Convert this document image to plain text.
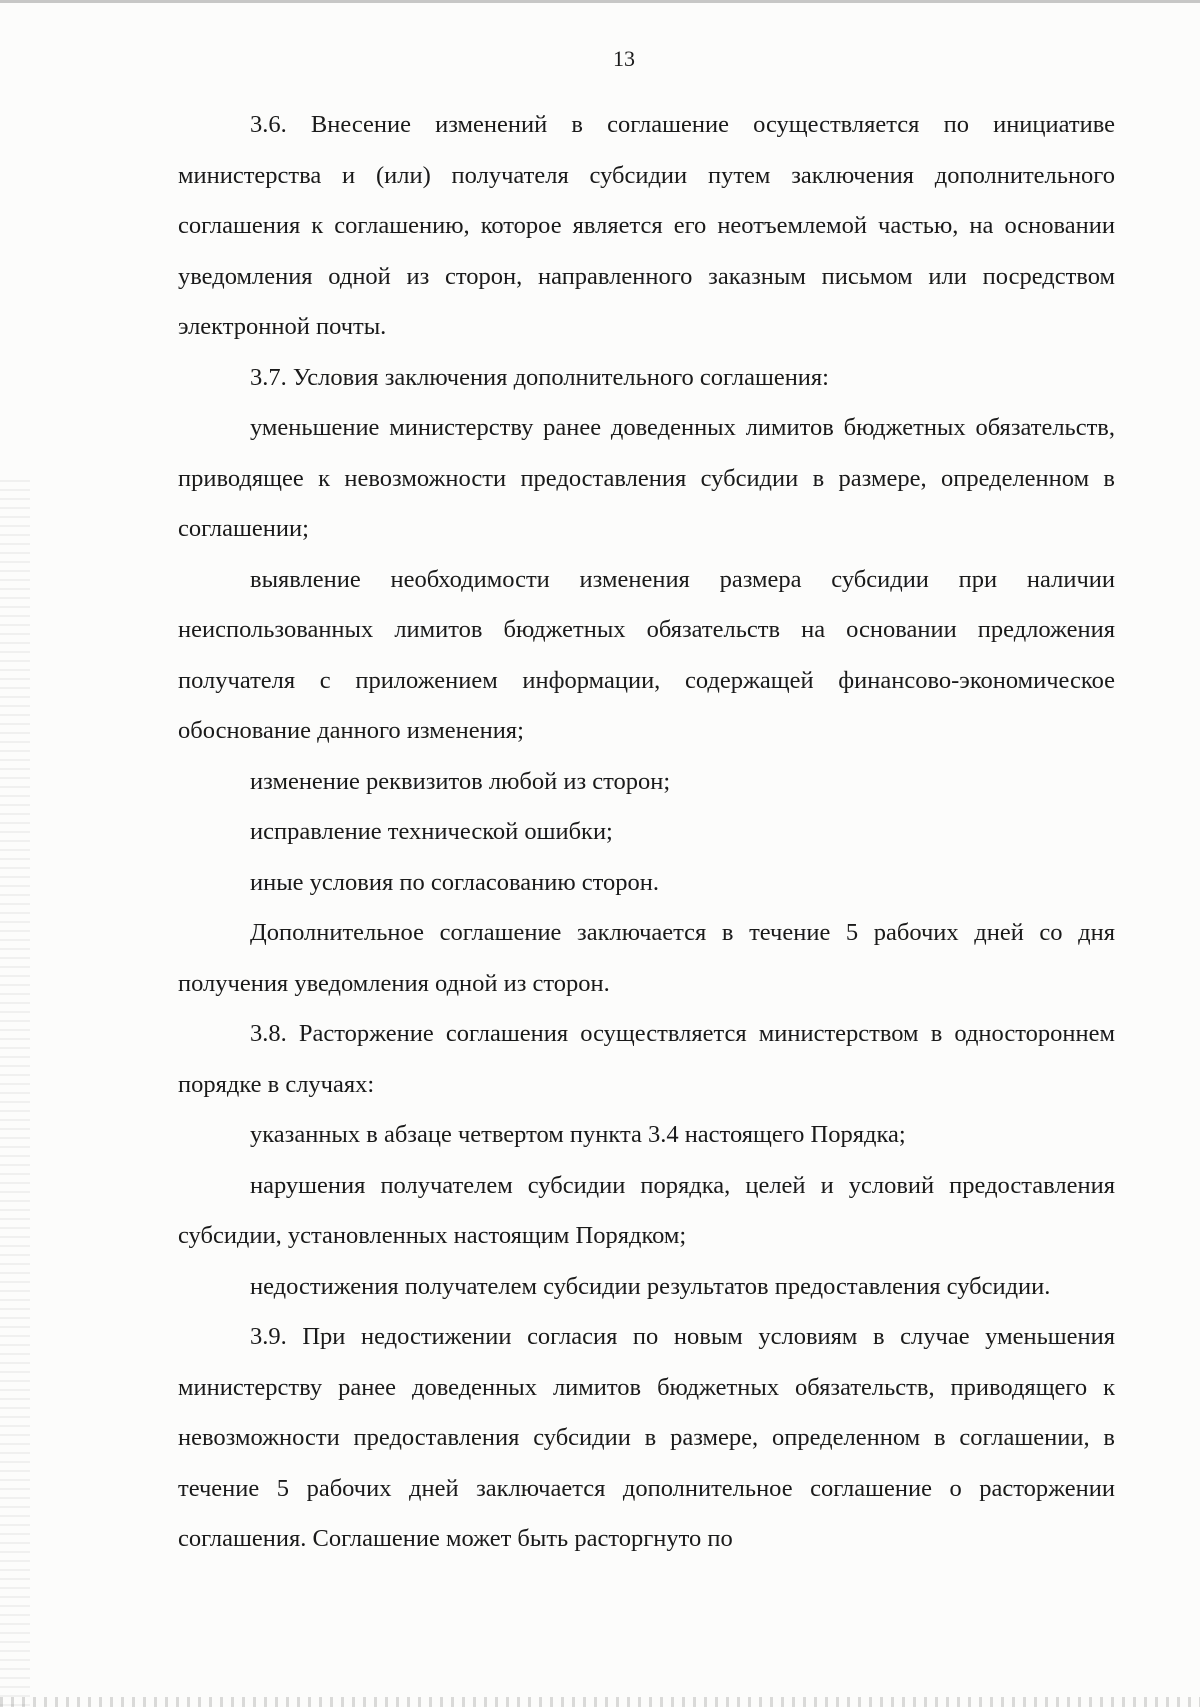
13

3.6. Внесение изменений в соглашение осуществляется по инициативе министерства и (или) получателя субсидии путем заключения дополнительного соглашения к соглашению, которое является его неотъемлемой частью, на основании уведомления одной из сторон, направленного заказным письмом или посредством электронной почты.

3.7. Условия заключения дополнительного соглашения:

уменьшение министерству ранее доведенных лимитов бюджетных обязательств, приводящее к невозможности предоставления субсидии в размере, определенном в соглашении;

выявление необходимости изменения размера субсидии при наличии неиспользованных лимитов бюджетных обязательств на основании предложения получателя с приложением информации, содержащей финансово-экономическое обоснование данного изменения;

изменение реквизитов любой из сторон;

исправление технической ошибки;

иные условия по согласованию сторон.

Дополнительное соглашение заключается в течение 5 рабочих дней со дня получения уведомления одной из сторон.

3.8. Расторжение соглашения осуществляется министерством в одностороннем порядке в случаях:

указанных в абзаце четвертом пункта 3.4 настоящего Порядка;

нарушения получателем субсидии порядка, целей и условий предоставления субсидии, установленных настоящим Порядком;

недостижения получателем субсидии результатов предоставления субсидии.

3.9. При недостижении согласия по новым условиям в случае уменьшения министерству ранее доведенных лимитов бюджетных обязательств, приводящего к невозможности предоставления субсидии в размере, определенном в соглашении, в течение 5 рабочих дней заключается дополнительное соглашение о расторжении соглашения. Соглашение может быть расторгнуто по
